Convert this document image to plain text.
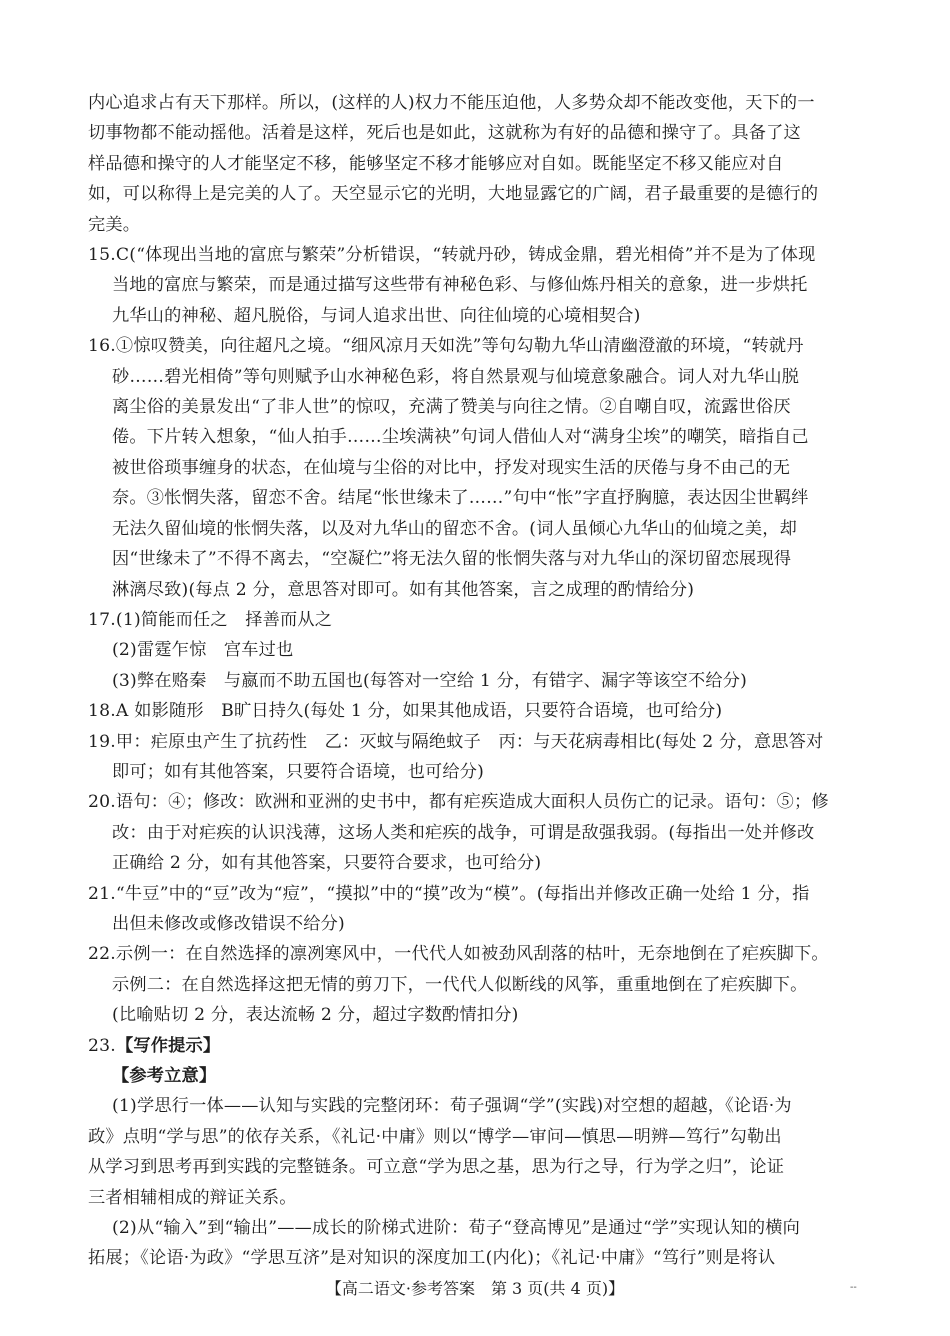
内心追求占有天下那样。所以，(这样的人)权力不能压迫他，人多势众却不能改变他，天下的一
切事物都不能动摇他。活着是这样，死后也是如此，这就称为有好的品德和操守了。具备了这
样品德和操守的人才能坚定不移，能够坚定不移才能够应对自如。既能坚定不移又能应对自
如，可以称得上是完美的人了。天空显示它的光明，大地显露它的广阔，君子最重要的是德行的
完美。
15.C(“体现出当地的富庶与繁荣”分析错误，“转就丹砂，铸成金鼎，碧光相倚”并不是为了体现
当地的富庶与繁荣，而是通过描写这些带有神秘色彩、与修仙炼丹相关的意象，进一步烘托
九华山的神秘、超凡脱俗，与词人追求出世、向往仙境的心境相契合)
16.①惊叹赞美，向往超凡之境。“细风凉月天如洗”等句勾勒九华山清幽澄澈的环境，“转就丹
砂……碧光相倚”等句则赋予山水神秘色彩，将自然景观与仙境意象融合。词人对九华山脱
离尘俗的美景发出“了非人世”的惊叹，充满了赞美与向往之情。②自嘲自叹，流露世俗厌
倦。下片转入想象，“仙人拍手……尘埃满袂”句词人借仙人对“满身尘埃”的嘲笑，暗指自己
被世俗琐事缠身的状态，在仙境与尘俗的对比中，抒发对现实生活的厌倦与身不由己的无
奈。③怅惘失落，留恋不舍。结尾“怅世缘未了……”句中“怅”字直抒胸臆，表达因尘世羁绊
无法久留仙境的怅惘失落，以及对九华山的留恋不舍。(词人虽倾心九华山的仙境之美，却
因“世缘未了”不得不离去，“空凝伫”将无法久留的怅惘失落与对九华山的深切留恋展现得
淋漓尽致)(每点 2 分，意思答对即可。如有其他答案，言之成理的酌情给分)
17.(1)简能而任之　择善而从之
(2)雷霆乍惊　宫车过也
(3)弊在赂秦　与嬴而不助五国也(每答对一空给 1 分，有错字、漏字等该空不给分)
18.A 如影随形　B旷日持久(每处 1 分，如果其他成语，只要符合语境，也可给分)
19.甲：疟原虫产生了抗药性　乙：灭蚊与隔绝蚊子　丙：与天花病毒相比(每处 2 分，意思答对
即可；如有其他答案，只要符合语境，也可给分)
20.语句：④；修改：欧洲和亚洲的史书中，都有疟疾造成大面积人员伤亡的记录。语句：⑤；修
改：由于对疟疾的认识浅薄，这场人类和疟疾的战争，可谓是敌强我弱。(每指出一处并修改
正确给 2 分，如有其他答案，只要符合要求，也可给分)
21.“牛豆”中的“豆”改为“痘”，“摸拟”中的“摸”改为“模”。(每指出并修改正确一处给 1 分，指
出但未修改或修改错误不给分)
22.示例一：在自然选择的凛冽寒风中，一代代人如被劲风刮落的枯叶，无奈地倒在了疟疾脚下。
示例二：在自然选择这把无情的剪刀下，一代代人似断线的风筝，重重地倒在了疟疾脚下。
(比喻贴切 2 分，表达流畅 2 分，超过字数酌情扣分)
23.【写作提示】
【参考立意】
(1)学思行一体——认知与实践的完整闭环：荀子强调“学”(实践)对空想的超越，《论语·为
政》点明“学与思”的依存关系，《礼记·中庸》则以“博学—审问—慎思—明辨—笃行”勾勒出
从学习到思考再到实践的完整链条。可立意“学为思之基，思为行之导，行为学之归”，论证
三者相辅相成的辩证关系。
(2)从“输入”到“输出”——成长的阶梯式进阶：荀子“登高博见”是通过“学”实现认知的横向
拓展；《论语·为政》“学思互济”是对知识的深度加工(内化)；《礼记·中庸》“笃行”则是将认
【高二语文·参考答案　第 3 页(共 4 页)】	--
